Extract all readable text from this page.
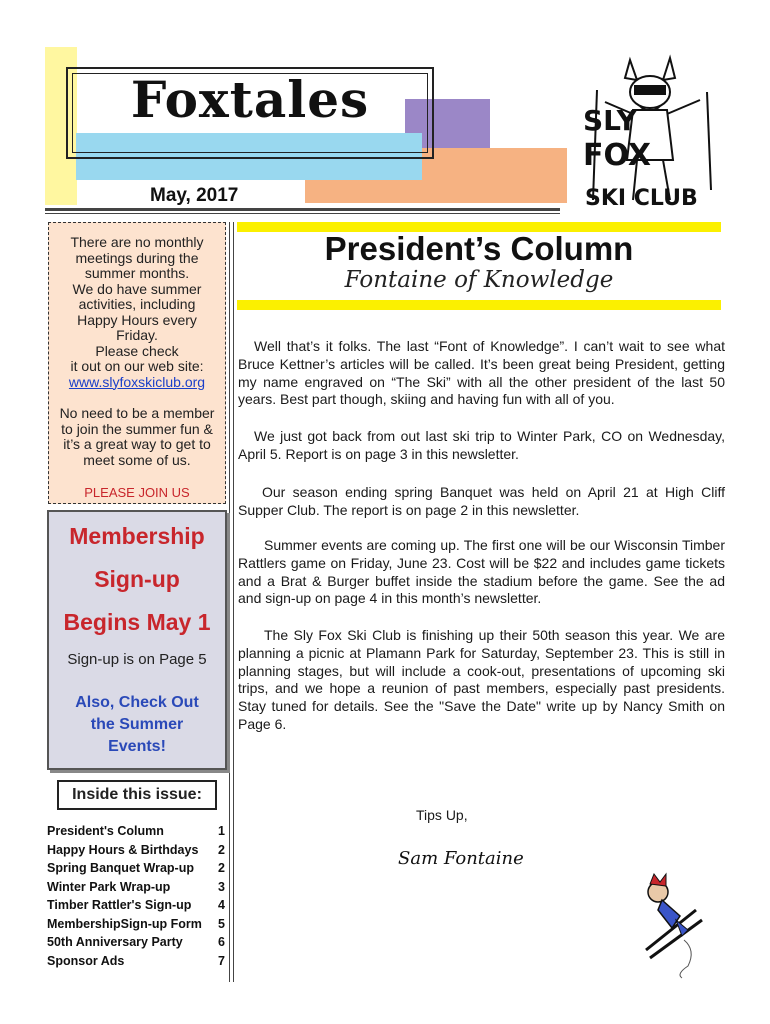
Foxtales
May, 2017
SLY
FOX
SKI CLUB

There are no monthly

meetings during the

summer months.

We do have summer

activities, including

Happy Hours every

Friday.

Please check

it out on our web site:

www.slyfoxskiclub.org

No need to be a member

to join the summer fun &

it’s a great way to get to

meet some of us.

PLEASE JOIN US

Membership
Sign-up
Begins May 1
Sign-up is on Page 5
Also, Check Out
the Summer
Events!
Inside this issue:
President's Column	1
Happy Hours & Birthdays 2
Spring Banquet Wrap-up 2
Winter Park Wrap-up	3
Timber Rattler's Sign-up 4
MembershipSign-up Form 5
50th Anniversary Party	6
Sponsor Ads	7
President’s Column
Fontaine of Knowledge

Well that’s it folks. The last “Font of Knowledge”. I can’t wait to see what Bruce Kettner’s articles will be called. It’s been great being President, getting my name engraved on “The Ski” with all the other president of the last 50 years. Best part though, skiing and having fun with all of you.

We just got back from out last ski trip to Winter Park, CO on Wednesday, April 5. Report is on page 3 in this newsletter.

Our season ending spring Banquet was held on April 21 at High Cliff Supper Club. The report is on page 2 in this newsletter.

Summer events are coming up. The first one will be our Wisconsin Timber Rattlers game on Friday, June 23. Cost will be $22 and includes game tickets and a Brat & Burger buffet inside the stadium before the game. See the ad and sign-up on page 4 in this month’s newsletter.

The Sly Fox Ski Club is finishing up their 50th season this year. We are planning a picnic at Plamann Park for Saturday, September 23. This is still in planning stages, but will include a cook-out, presentations of upcoming ski trips, and we hope a reunion of past members, especially past presidents. Stay tuned for details. See the "Save the Date" write up by Nancy Smith on Page 6.

Tips Up,
Sam Fontaine
